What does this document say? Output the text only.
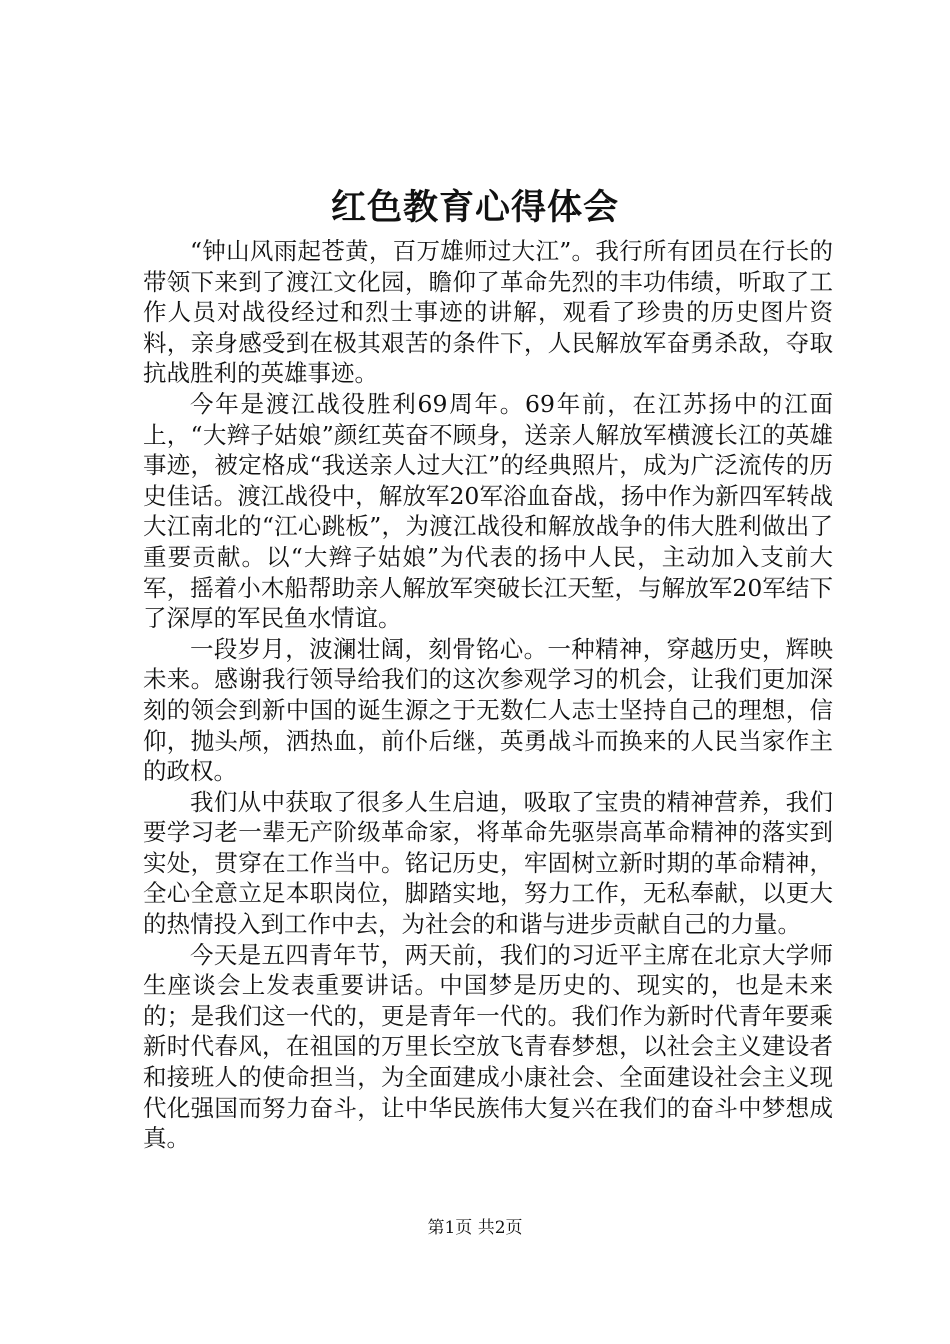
红色教育心得体会

“钟山风雨起苍黄，百万雄师过大江”。我行所有团员在行长的带领下来到了渡江文化园，瞻仰了革命先烈的丰功伟绩，听取了工作人员对战役经过和烈士事迹的讲解，观看了珍贵的历史图片资料，亲身感受到在极其艰苦的条件下，人民解放军奋勇杀敌，夺取抗战胜利的英雄事迹。

今年是渡江战役胜利69周年。69年前，在江苏扬中的江面上，“大辫子姑娘”颜红英奋不顾身，送亲人解放军横渡长江的英雄事迹，被定格成“我送亲人过大江”的经典照片，成为广泛流传的历史佳话。渡江战役中，解放军20军浴血奋战，扬中作为新四军转战大江南北的“江心跳板”，为渡江战役和解放战争的伟大胜利做出了重要贡献。以“大辫子姑娘”为代表的扬中人民，主动加入支前大军，摇着小木船帮助亲人解放军突破长江天堑，与解放军20军结下了深厚的军民鱼水情谊。

一段岁月，波澜壮阔，刻骨铭心。一种精神，穿越历史，辉映未来。感谢我行领导给我们的这次参观学习的机会，让我们更加深刻的领会到新中国的诞生源之于无数仁人志士坚持自己的理想，信仰，抛头颅，洒热血，前仆后继，英勇战斗而换来的人民当家作主的政权。

我们从中获取了很多人生启迪，吸取了宝贵的精神营养，我们要学习老一辈无产阶级革命家，将革命先驱崇高革命精神的落实到实处，贯穿在工作当中。铭记历史，牢固树立新时期的革命精神，全心全意立足本职岗位，脚踏实地，努力工作，无私奉献，以更大的热情投入到工作中去，为社会的和谐与进步贡献自己的力量。

今天是五四青年节，两天前，我们的习近平主席在北京大学师生座谈会上发表重要讲话。中国梦是历史的、现实的，也是未来的；是我们这一代的，更是青年一代的。我们作为新时代青年要乘新时代春风，在祖国的万里长空放飞青春梦想，以社会主义建设者和接班人的使命担当，为全面建成小康社会、全面建设社会主义现代化强国而努力奋斗，让中华民族伟大复兴在我们的奋斗中梦想成真。

第1页 共2页
